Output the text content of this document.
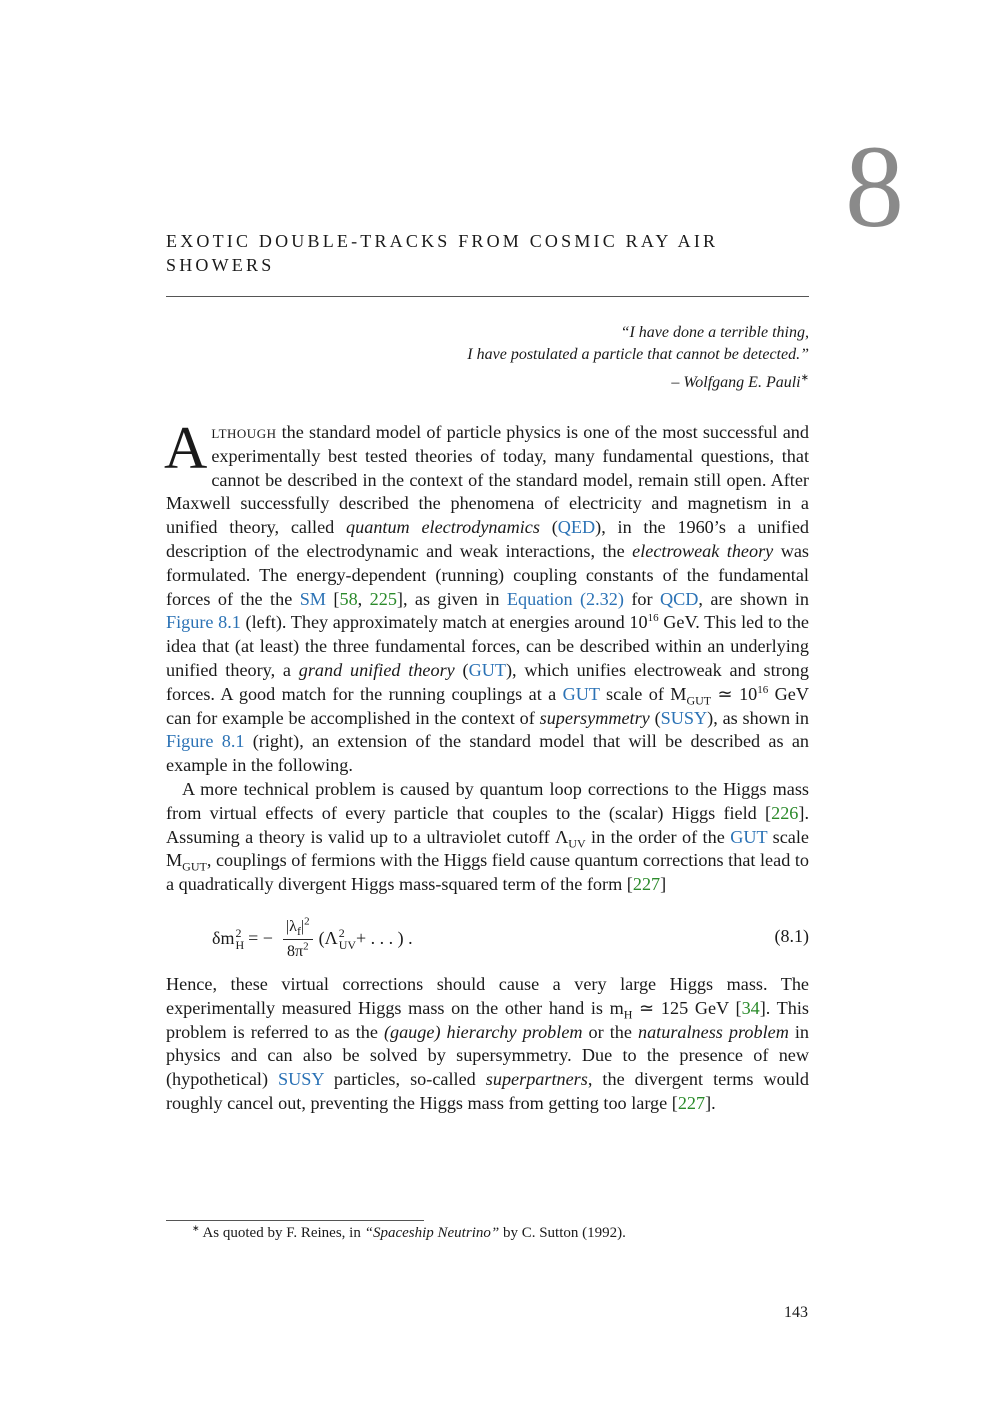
8
EXOTIC DOUBLE-TRACKS FROM COSMIC RAY AIR SHOWERS
“I have done a terrible thing,
I have postulated a particle that cannot be detected.”
– Wolfgang E. Pauli∗

Although the standard model of particle physics is one of the most successful and experimentally best tested theories of today, many fundamental questions, that cannot be described in the context of the standard model, remain still open. After Maxwell successfully described the phenomena of electricity and magnetism in a unified theory, called quantum electrodynamics (QED), in the 1960’s a unified description of the electrodynamic and weak interactions, the electroweak theory was formulated. The energy-dependent (running) coupling constants of the fundamental forces of the the SM [58, 225], as given in Equation (2.32) for QCD, are shown in Figure 8.1 (left). They approximately match at energies around $10^{16}$ GeV. This led to the idea that (at least) the three fundamental forces, can be described within an underlying unified theory, a grand unified theory (GUT), which unifies electroweak and strong forces. A good match for the running couplings at a GUT scale of $M_{GUT}$ ≃ $10^{16}$ GeV can for example be accomplished in the context of supersymmetry (SUSY), as shown in Figure 8.1 (right), an extension of the standard model that will be described as an example in the following.

A more technical problem is caused by quantum loop corrections to the Higgs mass from virtual effects of every particle that couples to the (scalar) Higgs field [226]. Assuming a theory is valid up to a ultraviolet cutoff $\Lambda_{UV}$ in the order of the GUT scale $M_{GUT}$, couplings of fermions with the Higgs field cause quantum corrections that lead to a quadratically divergent Higgs mass-squared term of the form [227]

δm 2
H = − $\frac{|\lambda_f|^2}{8\pi^2} (\Lambda$ 2
UV + . . . ) .	(8.1)

Hence, these virtual corrections should cause a very large Higgs mass. The experimentally measured Higgs mass on the other hand is $m_H$ ≃ 125 GeV [34]. This problem is referred to as the (gauge) hierarchy problem or the naturalness problem in physics and can also be solved by supersymmetry. Due to the presence of new (hypothetical) SUSY particles, so-called superpartners, the divergent terms would roughly cancel out, preventing the Higgs mass from getting too large [227].

∗ As quoted by F. Reines, in “Spaceship Neutrino” by C. Sutton (1992).
143
